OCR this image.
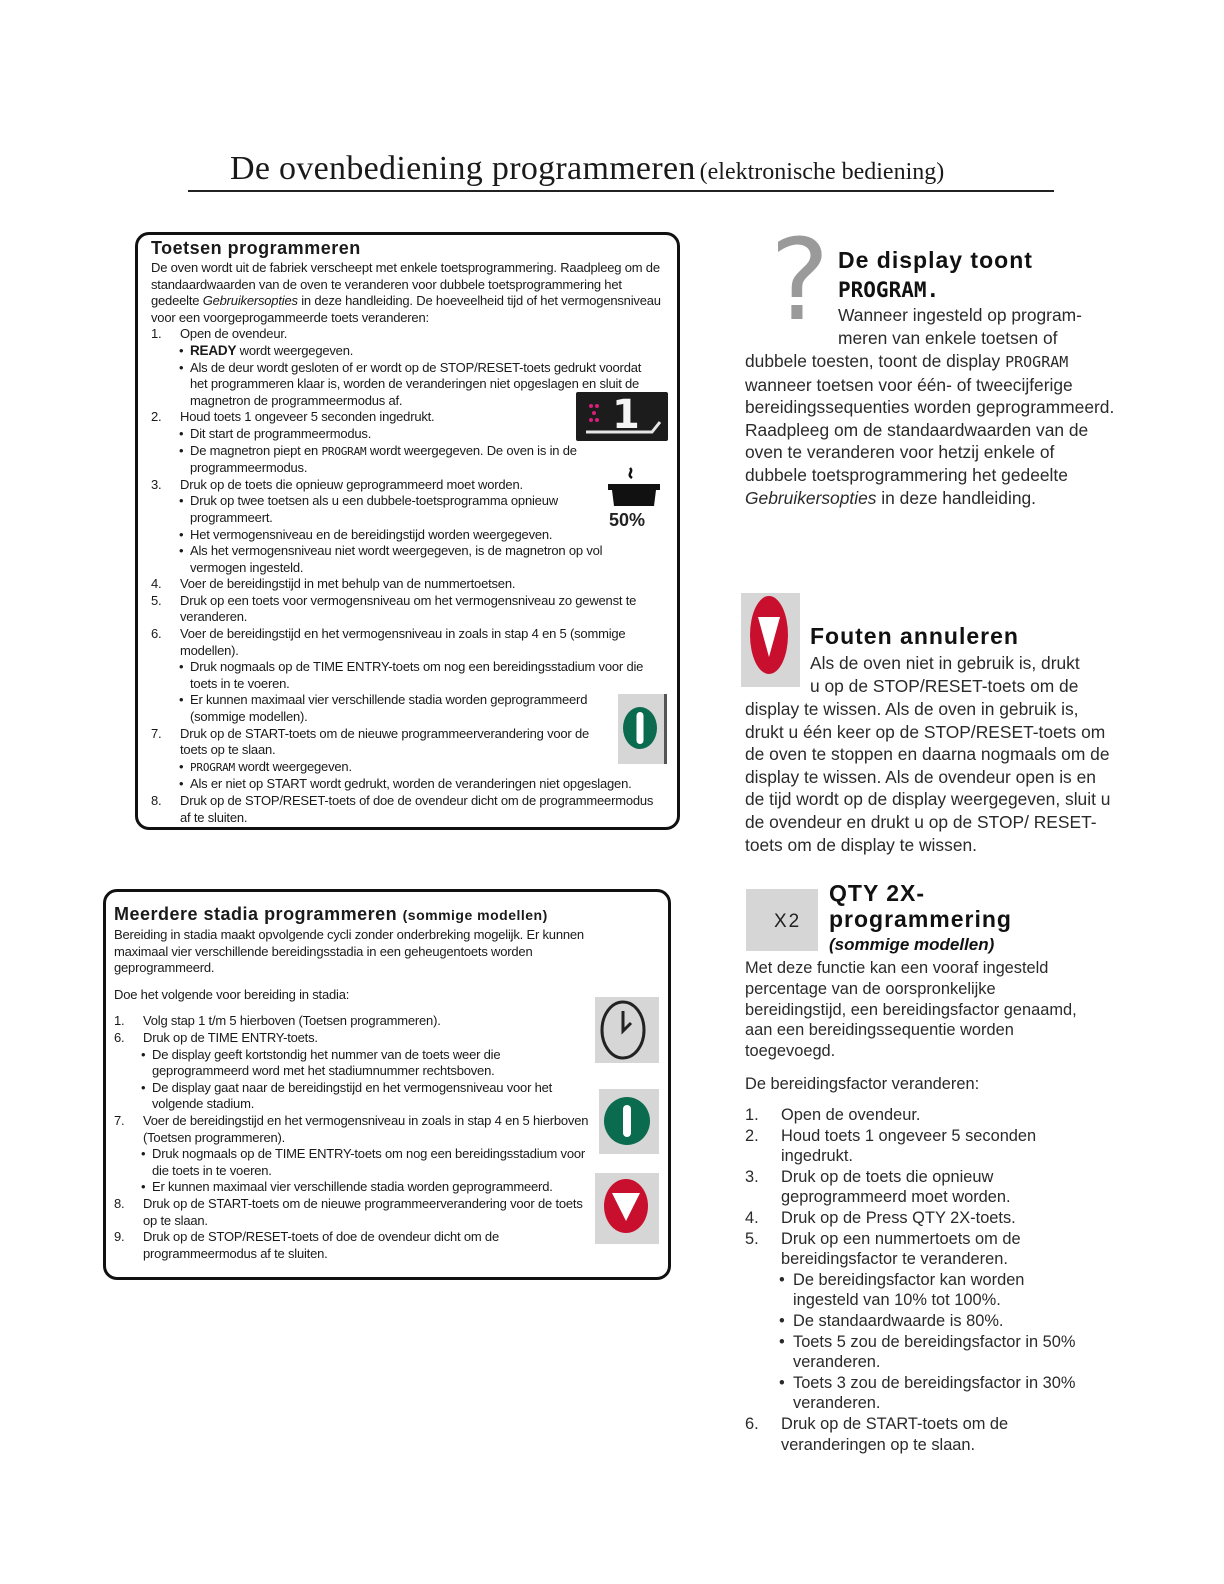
De ovenbediening programmeren (elektronische bediening)
Toetsen programmeren
De oven wordt uit de fabriek verscheept met enkele toetsprogrammering. Raadpleeg om de standaardwaarden van de oven te veranderen voor dubbele toetsprogrammering het gedeelte Gebruikersopties in deze handleiding. De hoeveelheid tijd of het vermogensniveau voor een voorgeprogammeerde toets veranderen:
1.	Open de ovendeur.
• READY wordt weergegeven.
• Als de deur wordt gesloten of er wordt op de STOP/RESET-toets gedrukt voordat het programmeren klaar is, worden de veranderingen niet opgeslagen en sluit de magnetron de programmeermodus af.
2.	Houd toets 1 ongeveer 5 seconden ingedrukt.
• Dit start de programmeermodus.
• De magnetron piept en PROGRAM wordt weergegeven. De oven is in de programmeermodus.
3.	Druk op de toets die opnieuw geprogrammeerd moet worden.
• Druk op twee toetsen als u een dubbele-toetsprogramma opnieuw programmeert.
• Het vermogensniveau en de bereidingstijd worden weergegeven.
• Als het vermogensniveau niet wordt weergegeven, is de magnetron op vol vermogen ingesteld.
4.	Voer de bereidingstijd in met behulp van de nummertoetsen.
5.	Druk op een toets voor vermogensniveau om het vermogensniveau zo gewenst te veranderen.
6.	Voer de bereidingstijd en het vermogensniveau in zoals in stap 4 en 5 (sommige modellen).
• Druk nogmaals op de TIME ENTRY-toets om nog een bereidingsstadium voor die toets in te voeren.
• Er kunnen maximaal vier verschillende stadia worden geprogrammeerd (sommige modellen).
7.	Druk op de START-toets om de nieuwe programmeerverandering voor de toets op te slaan.
• PROGRAM wordt weergegeven.
• Als er niet op START wordt gedrukt, worden de veranderingen niet opgeslagen.
8.	Druk op de STOP/RESET-toets of doe de ovendeur dicht om de programmeermodus af te sluiten.
1
50%
Meerdere stadia programmeren (sommige modellen)
Bereiding in stadia maakt opvolgende cycli zonder onderbreking mogelijk. Er kunnen maximaal vier verschillende bereidingsstadia in een geheugentoets worden geprogrammeerd.
Doe het volgende voor bereiding in stadia:
1.	Volg stap 1 t/m 5 hierboven (Toetsen programmeren).
6.	Druk op de TIME ENTRY-toets.
• De display geeft kortstondig het nummer van de toets weer die geprogrammeerd word met het stadiumnummer rechtsboven.
• De display gaat naar de bereidingstijd en het vermogensniveau voor het volgende stadium.
7.	Voer de bereidingstijd en het vermogensniveau in zoals in stap 4 en 5 hierboven (Toetsen programmeren).
• Druk nogmaals op de TIME ENTRY-toets om nog een bereidingsstadium voor die toets in te voeren.
• Er kunnen maximaal vier verschillende stadia worden geprogrammeerd.
8.	Druk op de START-toets om de nieuwe programmeerverandering voor de toets op te slaan.
9.	Druk op de STOP/RESET-toets of doe de ovendeur dicht om de programmeermodus af te sluiten.
? De display toont
PROGRAM.
Wanneer ingesteld op program-
meren van enkele toetsen of
dubbele toesten, toont de display PROGRAM wanneer toetsen voor één- of tweecijferige bereidingssequenties worden geprogrammeerd. Raadpleeg om de standaardwaarden van de oven te veranderen voor hetzij enkele of dubbele toetsprogrammering het gedeelte Gebruikersopties in deze handleiding.
Fouten annuleren
Als de oven niet in gebruik is, drukt
u op de STOP/RESET-toets om de
display te wissen. Als de oven in gebruik is, drukt u één keer op de STOP/RESET-toets om de oven te stoppen en daarna nogmaals om de display te wissen. Als de ovendeur open is en de tijd wordt op de display weergegeven, sluit u de ovendeur en drukt u op de STOP/ RESET-toets om de display te wissen.
X2
QTY 2X-
programmering
(sommige modellen)
Met deze functie kan een vooraf ingesteld percentage van de oorspronkelijke bereidingstijd, een bereidingsfactor genaamd, aan een bereidingssequentie worden toegevoegd.
De bereidingsfactor veranderen:
1. Open de ovendeur.
2. Houd toets 1 ongeveer 5 seconden ingedrukt.
3. Druk op de toets die opnieuw geprogrammeerd moet worden.
4. Druk op de Press QTY 2X-toets.
5. Druk op een nummertoets om de bereidingsfactor te veranderen.
• De bereidingsfactor kan worden ingesteld van 10% tot 100%.
• De standaardwaarde is 80%.
• Toets 5 zou de bereidingsfactor in 50% veranderen.
• Toets 3 zou de bereidingsfactor in 30% veranderen.
6. Druk op de START-toets om de veranderingen op te slaan.
